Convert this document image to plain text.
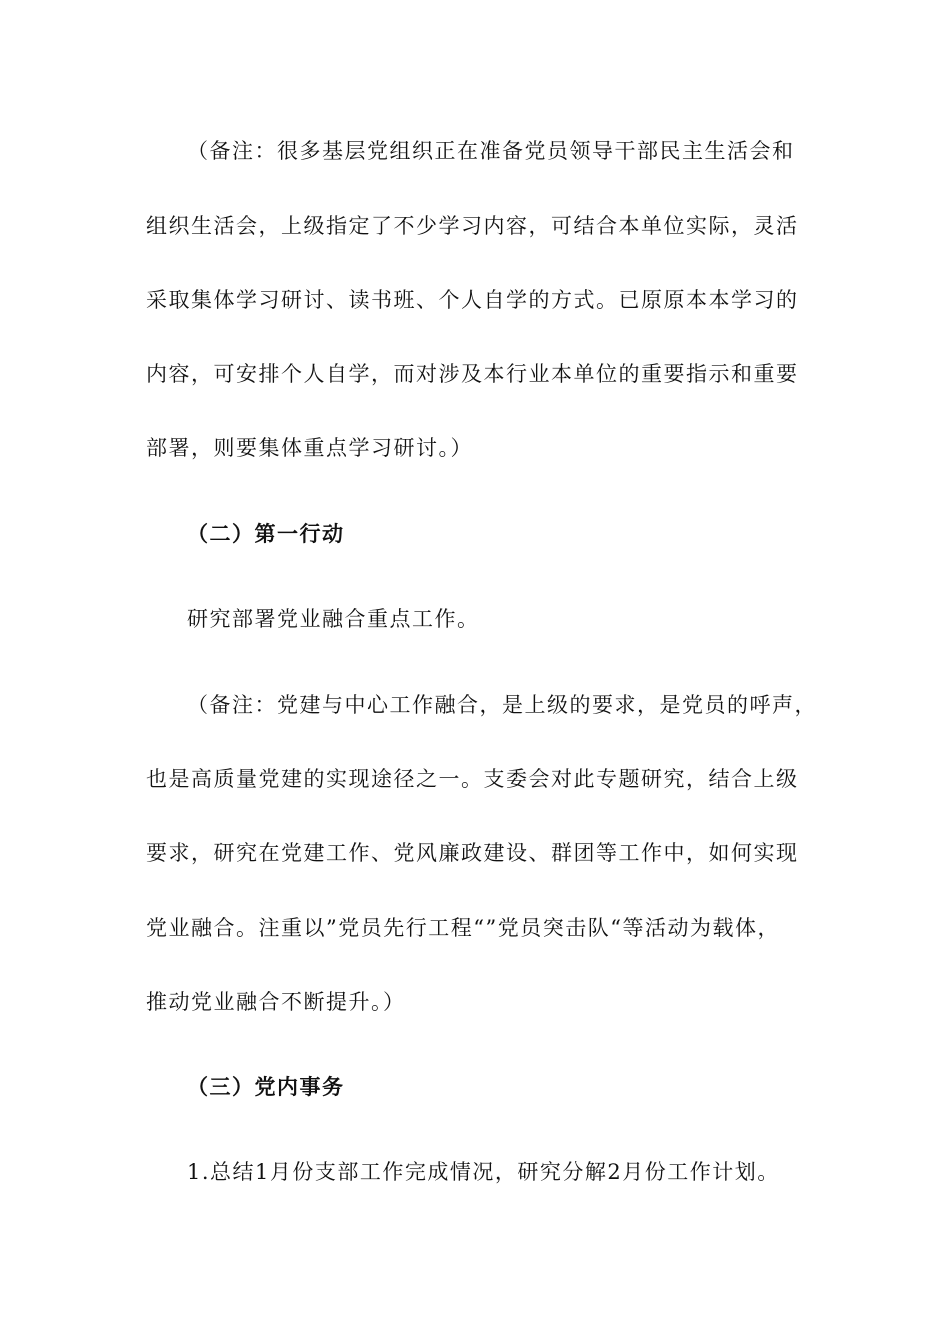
（备注：很多基层党组织正在准备党员领导干部民主生活会和
组织生活会，上级指定了不少学习内容，可结合本单位实际，灵活
采取集体学习研讨、读书班、个人自学的方式。已原原本本学习的
内容，可安排个人自学，而对涉及本行业本单位的重要指示和重要
部署，则要集体重点学习研讨。）
（二）第一行动
研究部署党业融合重点工作。
（备注：党建与中心工作融合，是上级的要求，是党员的呼声，
也是高质量党建的实现途径之一。支委会对此专题研究，结合上级
要求，研究在党建工作、党风廉政建设、群团等工作中，如何实现
党业融合。注重以”党员先行工程“”党员突击队“等活动为载体，
推动党业融合不断提升。）
（三）党内事务
1.总结1月份支部工作完成情况，研究分解2月份工作计划。
